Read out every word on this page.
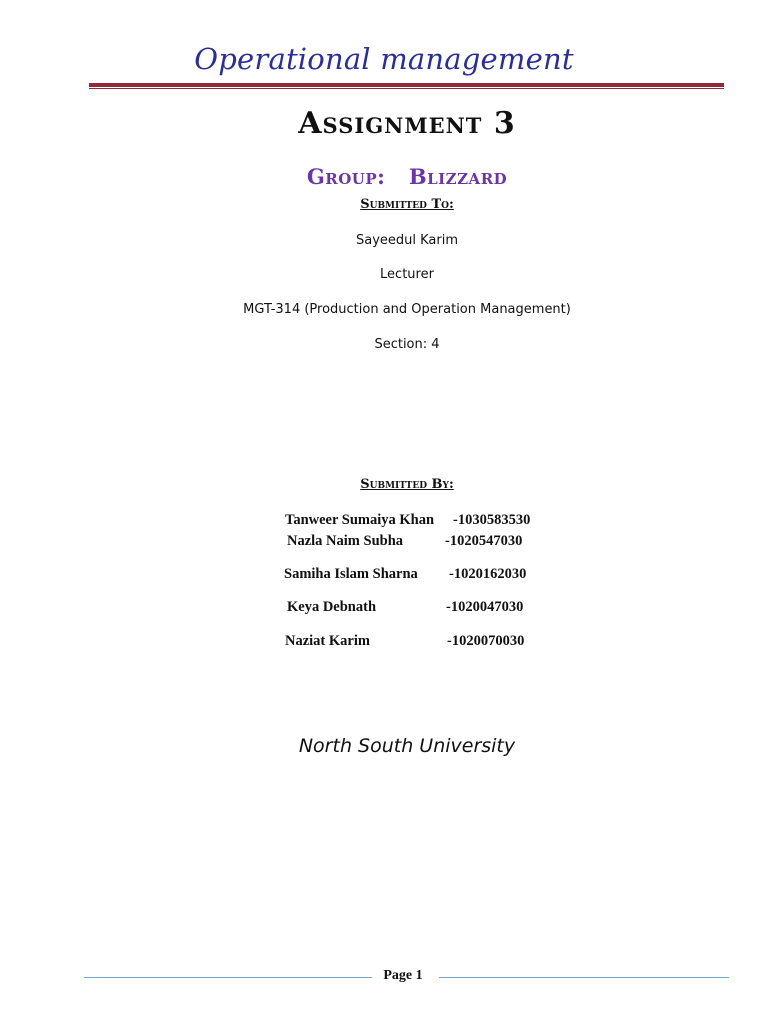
Operational management
Assignment 3
Group:   Blizzard
Submitted To:
Sayeedul Karim
Lecturer
MGT-314 (Production and Operation Management)
Section: 4
Submitted By:
Tanweer Sumaiya Khan -1030583530
Nazla Naim Subha	-1020547030
Samiha Islam Sharna -1020162030
Keya Debnath	-1020047030
Naziat Karim	-1020070030
North South University
Page 1
